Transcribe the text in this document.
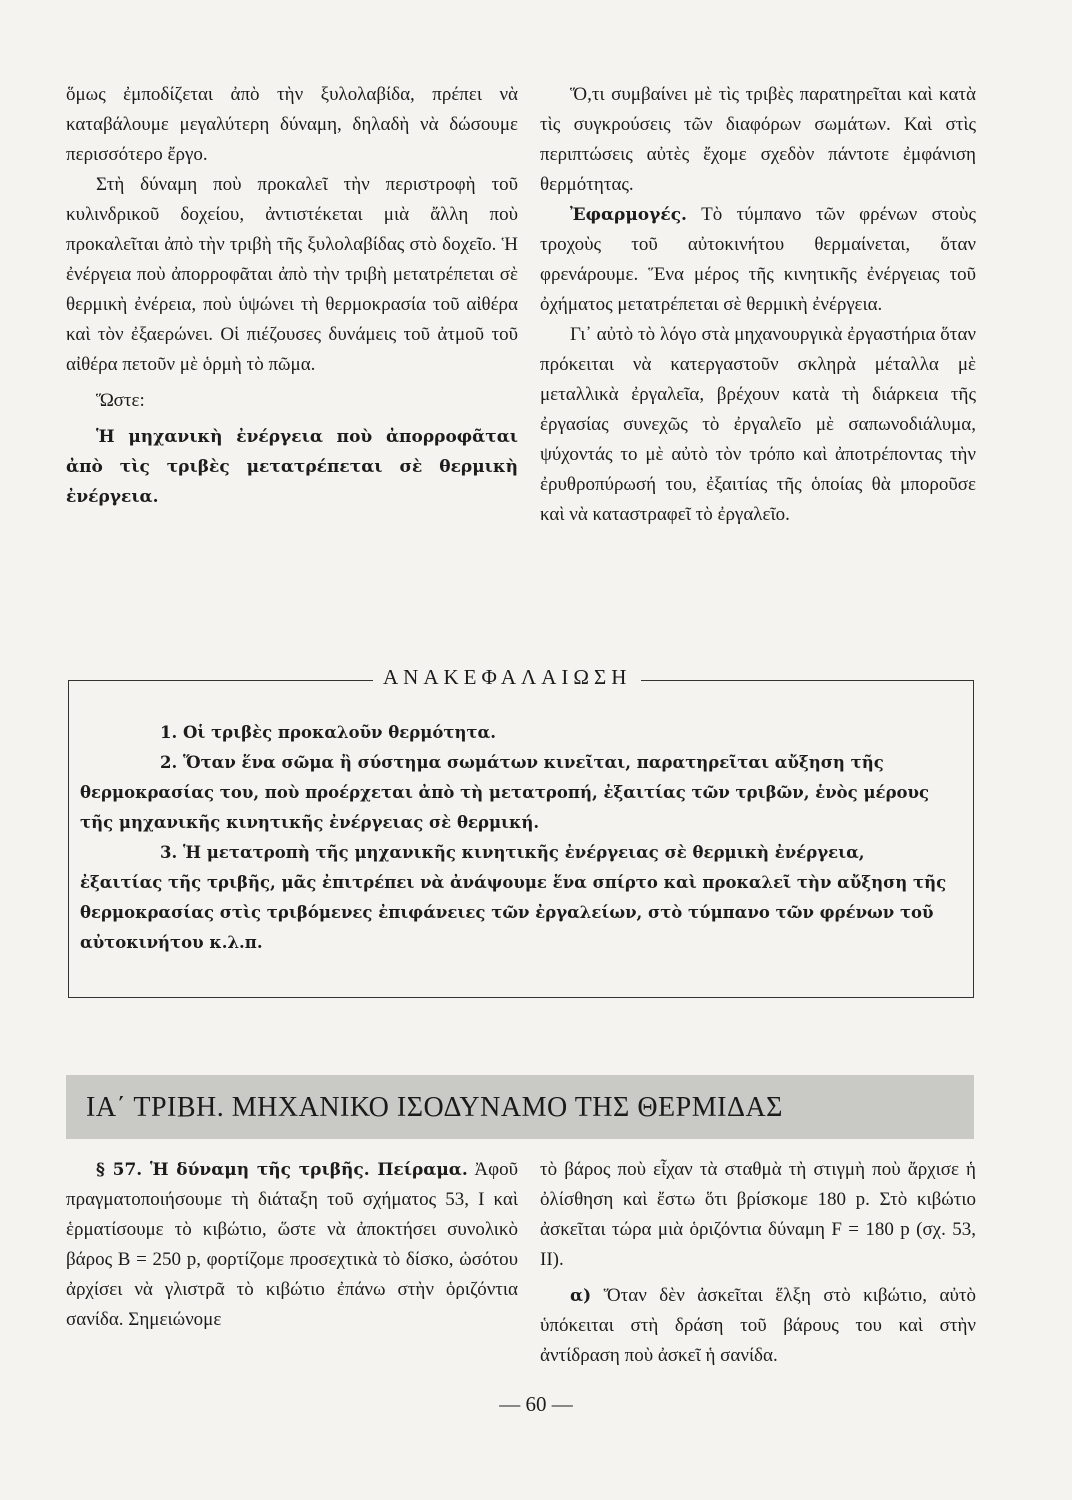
ὅμως ἐμποδίζεται ἀπὸ τὴν ξυλολαβίδα, πρέπει νὰ καταβάλουμε μεγαλύτερη δύναμη, δηλαδὴ νὰ δώσουμε περισσότερο ἔργο.

Στὴ δύναμη ποὺ προκαλεῖ τὴν περιστροφὴ τοῦ κυλινδρικοῦ δοχείου, ἀντιστέκεται μιὰ ἄλλη ποὺ προκαλεῖται ἀπὸ τὴν τριβὴ τῆς ξυλολαβίδας στὸ δοχεῖο. Ἡ ἐνέργεια ποὺ ἀπορροφᾶται ἀπὸ τὴν τριβὴ μετατρέπεται σὲ θερμικὴ ἐνέρεια, ποὺ ὑψώνει τὴ θερμοκρασία τοῦ αἰθέρα καὶ τὸν ἐξαερώνει. Οἱ πιέζουσες δυνάμεις τοῦ ἀτμοῦ τοῦ αἰθέρα πετοῦν μὲ ὁρμὴ τὸ πῶμα.

Ὥστε:

Ἡ μηχανικὴ ἐνέργεια ποὺ ἀπορροφᾶται ἀπὸ τὶς τριβὲς μετατρέπεται σὲ θερμικὴ ἐνέργεια.

Ὅ,τι συμβαίνει μὲ τὶς τριβὲς παρατηρεῖται καὶ κατὰ τὶς συγκρούσεις τῶν διαφόρων σωμάτων. Καὶ στὶς περιπτώσεις αὐτὲς ἔχομε σχεδὸν πάντοτε ἐμφάνιση θερμότητας.

Ἐφαρμογές. Τὸ τύμπανο τῶν φρένων στοὺς τροχοὺς τοῦ αὐτοκινήτου θερμαίνεται, ὅταν φρενάρουμε. Ἕνα μέρος τῆς κινητικῆς ἐνέργειας τοῦ ὀχήματος μετατρέπεται σὲ θερμικὴ ἐνέργεια.

Γι᾽ αὐτὸ τὸ λόγο στὰ μηχανουργικὰ ἐργαστήρια ὅταν πρόκειται νὰ κατεργαστοῦν σκληρὰ μέταλλα μὲ μεταλλικὰ ἐργαλεῖα, βρέχουν κατὰ τὴ διάρκεια τῆς ἐργασίας συνεχῶς τὸ ἐργαλεῖο μὲ σαπωνοδιάλυμα, ψύχοντάς το μὲ αὐτὸ τὸν τρόπο καὶ ἀποτρέποντας τὴν ἐρυθροπύρωσή του, ἐξαιτίας τῆς ὁποίας θὰ μποροῦσε καὶ νὰ καταστραφεῖ τὸ ἐργαλεῖο.

ΑΝΑΚΕΦΑΛΑΙΩΣΗ

1. Οἱ τριβὲς προκαλοῦν θερμότητα.

2. Ὅταν ἕνα σῶμα ἢ σύστημα σωμάτων κινεῖται, παρατηρεῖται αὔξηση τῆς θερμοκρασίας του, ποὺ προέρχεται ἀπὸ τὴ μετατροπή, ἐξαιτίας τῶν τριβῶν, ἑνὸς μέρους τῆς μηχανικῆς κινητικῆς ἐνέργειας σὲ θερμική.

3. Ἡ μετατροπὴ τῆς μηχανικῆς κινητικῆς ἐνέργειας σὲ θερμικὴ ἐνέργεια, ἐξαιτίας τῆς τριβῆς, μᾶς ἐπιτρέπει νὰ ἀνάψουμε ἕνα σπίρτο καὶ προκαλεῖ τὴν αὔξηση τῆς θερμοκρασίας στὶς τριβόμενες ἐπιφάνειες τῶν ἐργαλείων, στὸ τύμπανο τῶν φρένων τοῦ αὐτοκινήτου κ.λ.π.

ΙΑ΄ ΤΡΙΒΗ. ΜΗΧΑΝΙΚΟ ΙΣΟΔΥΝΑΜΟ ΤΗΣ ΘΕΡΜΙΔΑΣ

§ 57. Ἡ δύναμη τῆς τριβῆς. Πείραμα. Ἀφοῦ πραγματοποιήσουμε τὴ διάταξη τοῦ σχήματος 53, Ι καὶ ἑρματίσουμε τὸ κιβώτιο, ὥστε νὰ ἀποκτήσει συνολικὸ βάρος Β = 250 p, φορτίζομε προσεχτικὰ τὸ δίσκο, ὡσότου ἀρχίσει νὰ γλιστρᾶ τὸ κιβώτιο ἐπάνω στὴν ὁριζόντια σανίδα. Σημειώνομε

τὸ βάρος ποὺ εἶχαν τὰ σταθμὰ τὴ στιγμὴ ποὺ ἄρχισε ἡ ὀλίσθηση καὶ ἔστω ὅτι βρίσκομε 180 p. Στὸ κιβώτιο ἀσκεῖται τώρα μιὰ ὁριζόντια δύναμη F = 180 p (σχ. 53, II).

α) Ὅταν δὲν ἀσκεῖται ἕλξη στὸ κιβώτιο, αὐτὸ ὑπόκειται στὴ δράση τοῦ βάρους του καὶ στὴν ἀντίδραση ποὺ ἀσκεῖ ἡ σανίδα.

— 60 —
